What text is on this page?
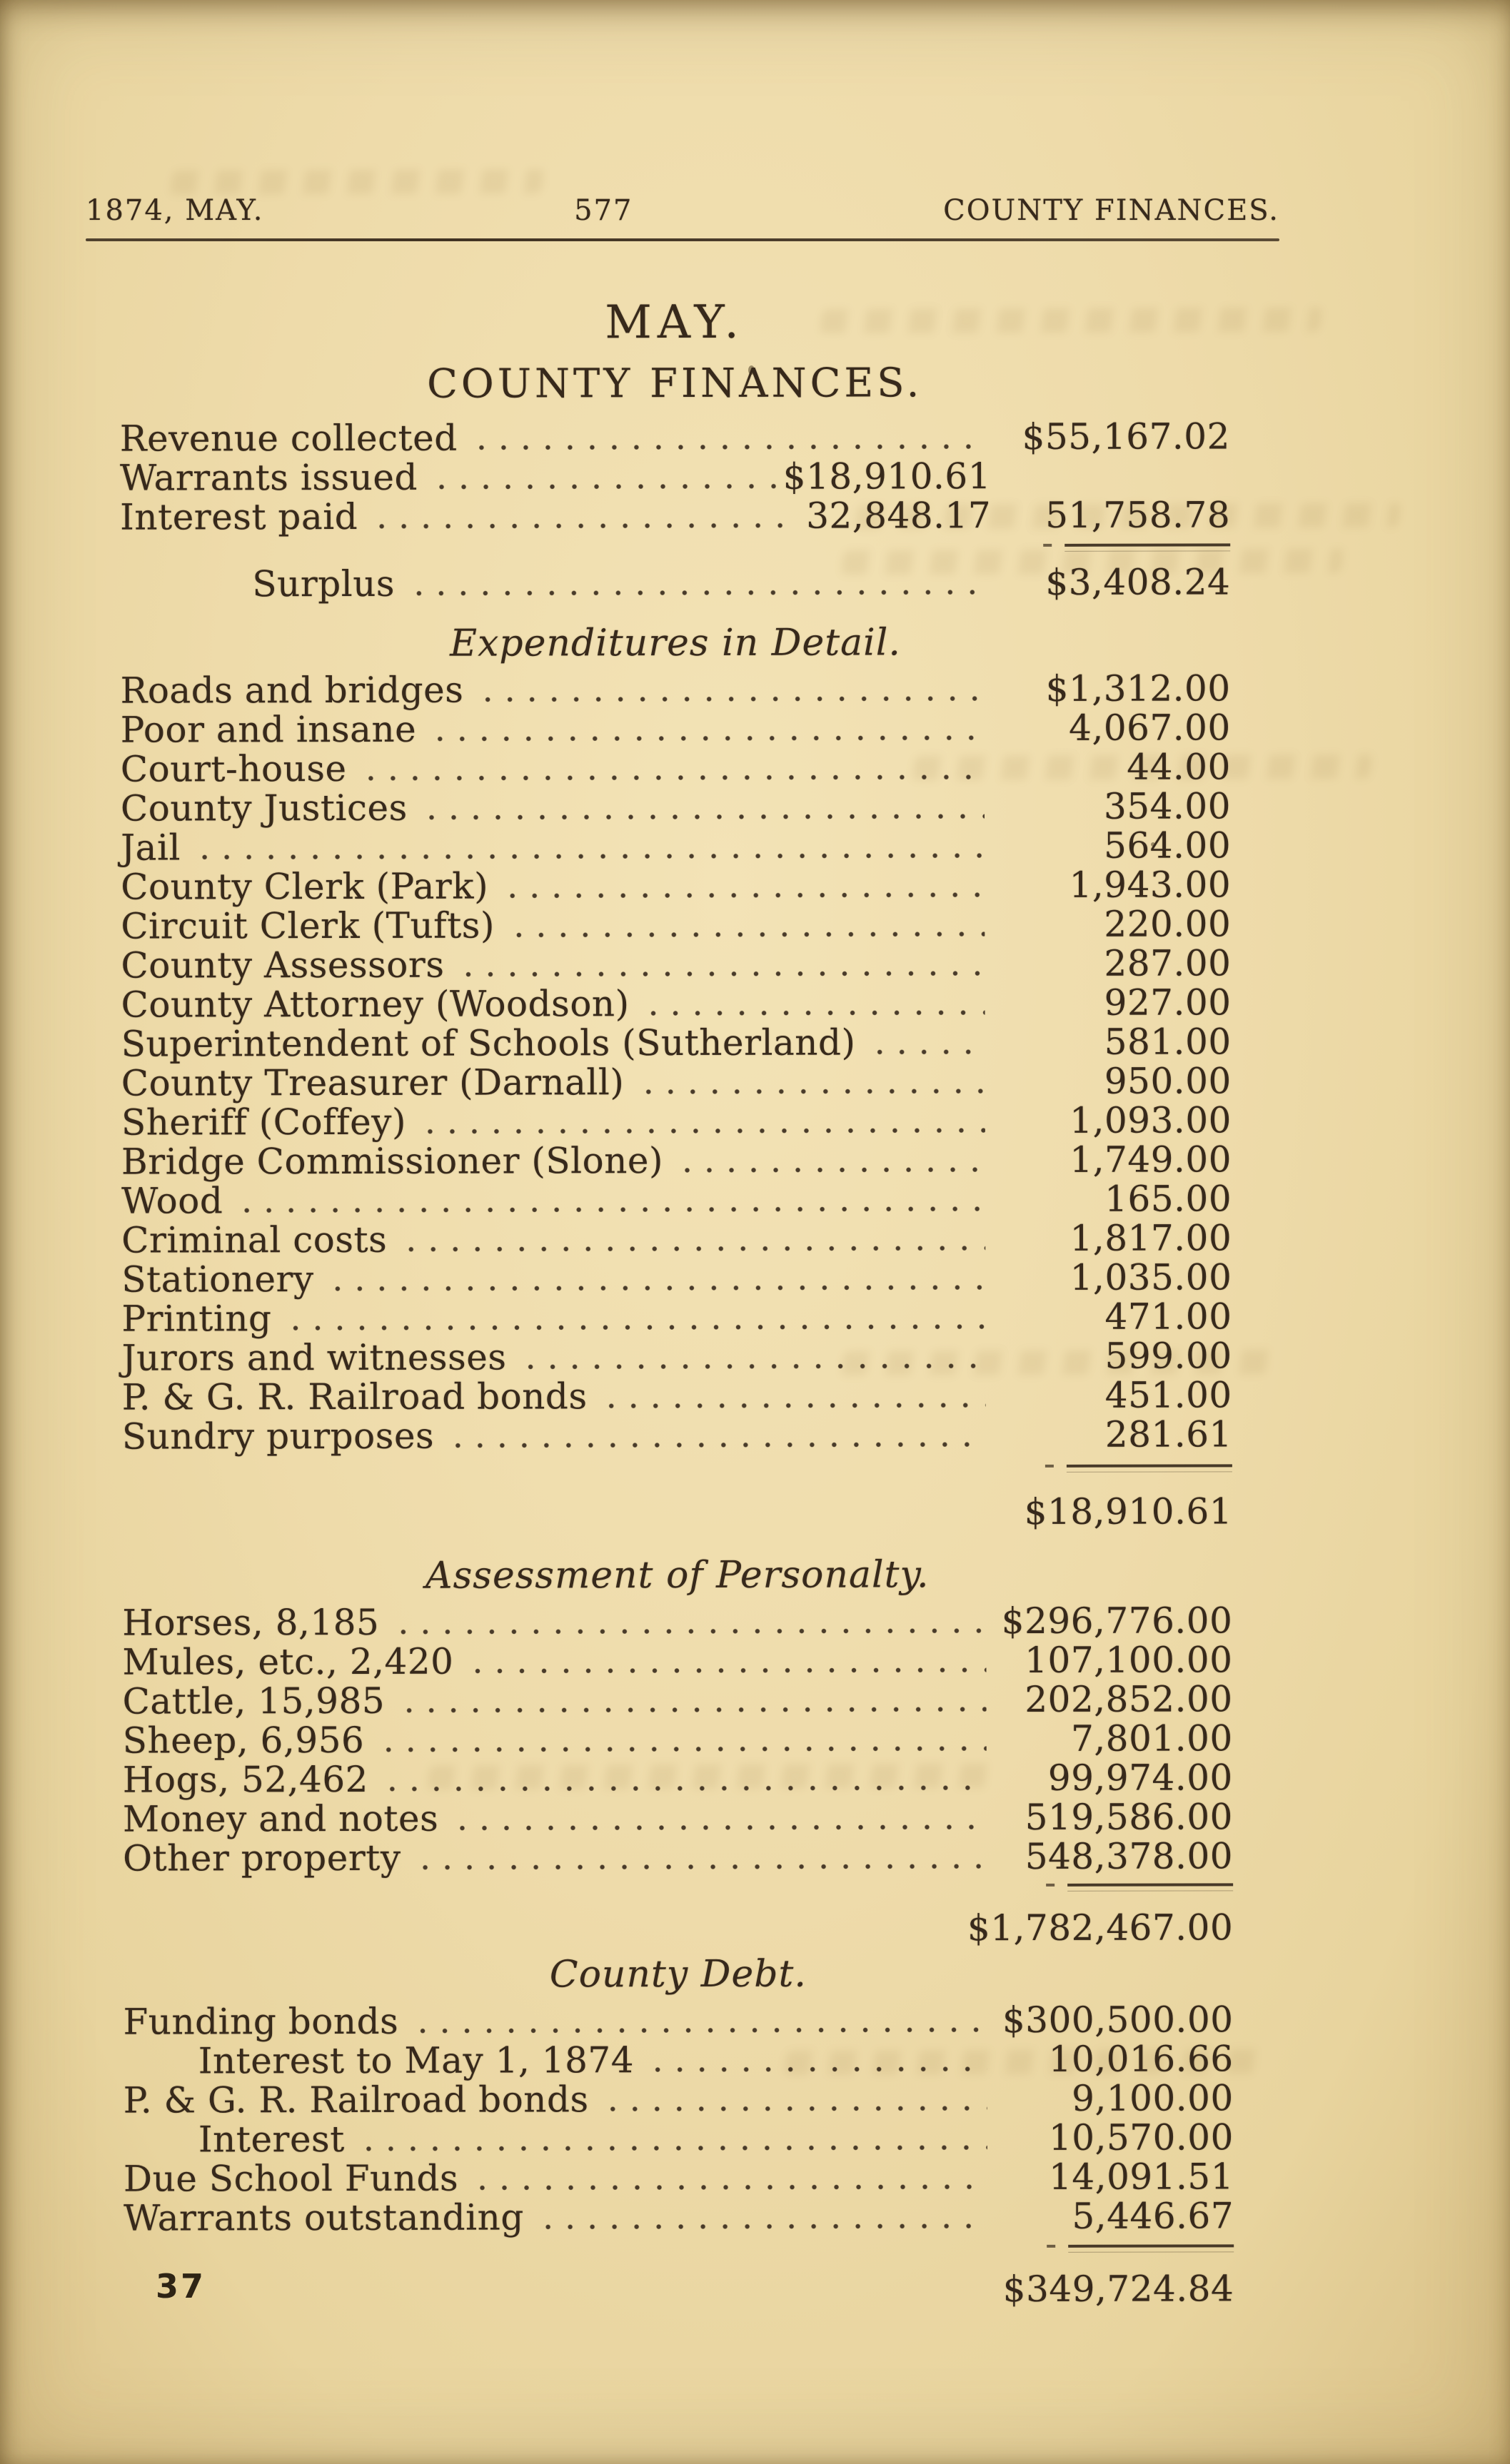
1874, MAY.	577	COUNTY FINANCES.
MAY.
COUNTY FINANCES.
Revenue collected	$55,167.02
Warrants issued	$18,910.61
Interest paid	32,848.17	51,758.78
Surplus	$3,408.24
Expenditures in Detail.
Roads and bridges	$1,312.00
Poor and insane	4,067.00
Court-house	44.00
County Justices	354.00
Jail	564.00
County Clerk (Park)	1,943.00
Circuit Clerk (Tufts)	220.00
County Assessors	287.00
County Attorney (Woodson)	927.00
Superintendent of Schools (Sutherland)	581.00
County Treasurer (Darnall)	950.00
Sheriff (Coffey)	1,093.00
Bridge Commissioner (Slone)	1,749.00
Wood	165.00
Criminal costs	1,817.00
Stationery	1,035.00
Printing	471.00
Jurors and witnesses	599.00
P. & G. R. Railroad bonds	451.00
Sundry purposes	281.61
$18,910.61
Assessment of Personalty.
Horses, 8,185	$296,776.00
Mules, etc., 2,420	107,100.00
Cattle, 15,985	202,852.00
Sheep, 6,956	7,801.00
Hogs, 52,462	99,974.00
Money and notes	519,586.00
Other property	548,378.00
$1,782,467.00
County Debt.
Funding bonds	$300,500.00
Interest to May 1, 1874	10,016.66
P. & G. R. Railroad bonds	9,100.00
Interest	10,570.00
Due School Funds	14,091.51
Warrants outstanding	5,446.67
$349,724.84
37
